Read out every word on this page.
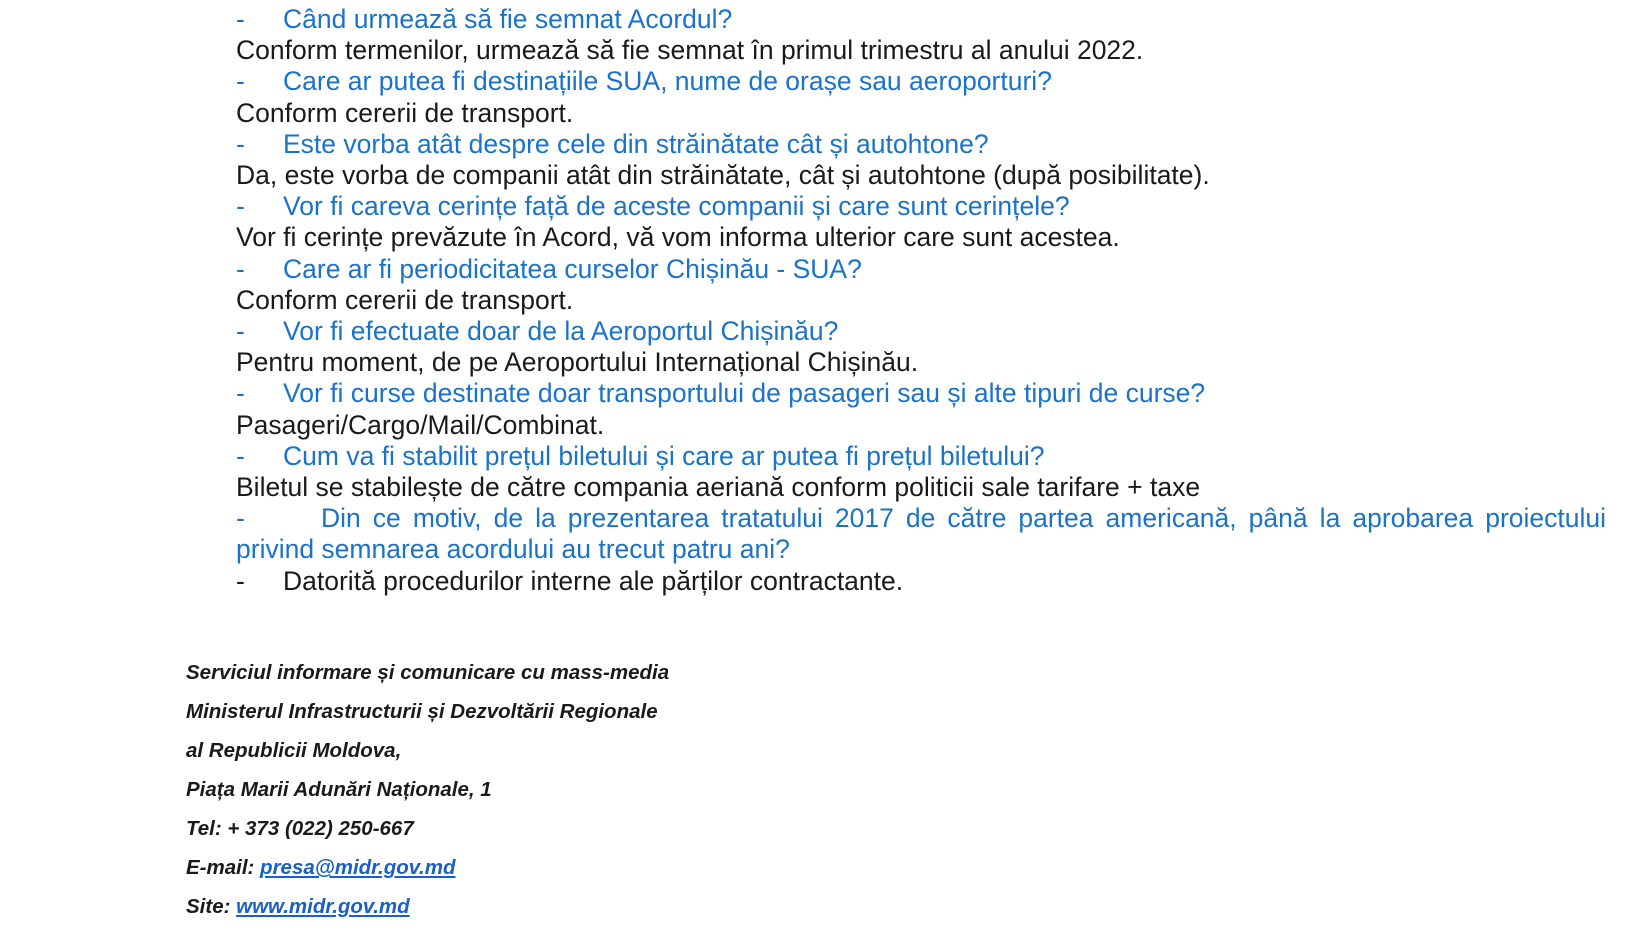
- Când urmează să fie semnat Acordul?

Conform termenilor, urmează să fie semnat în primul trimestru al anului 2022.

- Care ar putea fi destinațiile SUA, nume de orașe sau aeroporturi?

Conform cererii de transport.

- Este vorba atât despre cele din străinătate cât și autohtone?

Da, este vorba de companii atât din străinătate, cât și autohtone (după posibilitate).

- Vor fi careva cerințe față de aceste companii și care sunt cerințele?

Vor fi cerințe prevăzute în Acord, vă vom informa ulterior care sunt acestea.

- Care ar fi periodicitatea curselor Chișinău - SUA?

Conform cererii de transport.

- Vor fi efectuate doar de la Aeroportul Chișinău?

Pentru moment, de pe Aeroportului Internațional Chișinău.

- Vor fi curse destinate doar transportului de pasageri sau și alte tipuri de curse?

Pasageri/Cargo/Mail/Combinat.

- Cum va fi stabilit prețul biletului și care ar putea fi prețul biletului?

Biletul se stabilește de către compania aeriană conform politicii sale tarifare + taxe

-	Din ce motiv, de la prezentarea tratatului 2017 de către partea americană, până la aprobarea proiectului privind semnarea acordului au trecut patru ani?

- Datorită procedurilor interne ale părților contractante.

Serviciul informare și comunicare cu mass-media
Ministerul Infrastructurii și Dezvoltării Regionale
al Republicii Moldova,
Piața Marii Adunări Naționale, 1
Tel: + 373 (022) 250-667
E-mail: presa@midr.gov.md
Site: www.midr.gov.md
